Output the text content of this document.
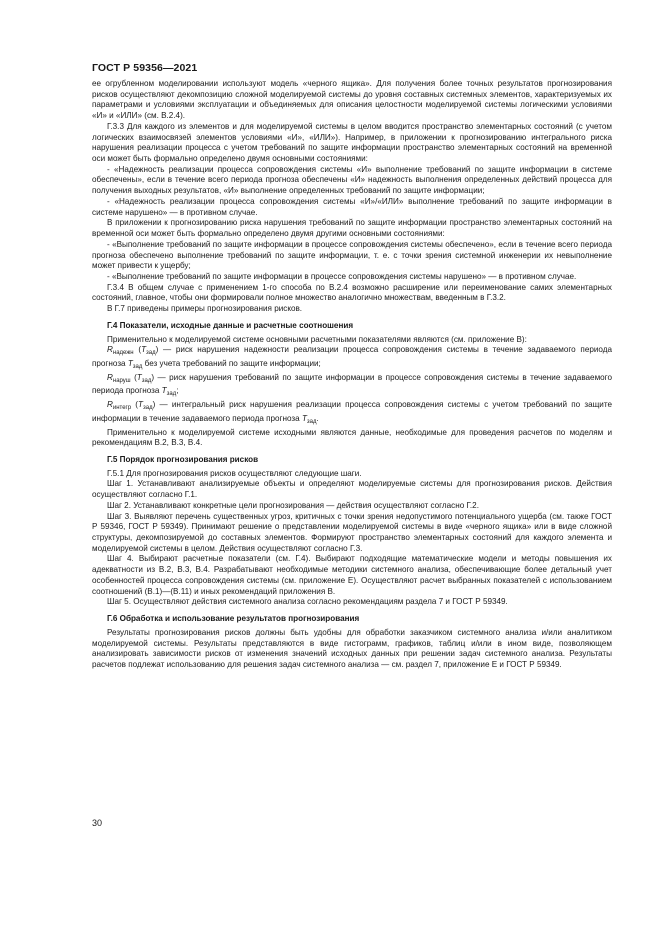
ГОСТ Р 59356—2021

ее огрубленном моделировании используют модель «черного ящика». Для получения более точных результатов прогнозирования рисков осуществляют декомпозицию сложной моделируемой системы до уровня составных системных элементов, характеризуемых их параметрами и условиями эксплуатации и объединяемых для описания целостности моделируемой системы логическими условиями «И» и «ИЛИ» (см. В.2.4).

Г.3.3 Для каждого из элементов и для моделируемой системы в целом вводится пространство элементарных состояний (с учетом логических взаимосвязей элементов условиями «И», «ИЛИ»). Например, в приложении к прогнозированию интегрального риска нарушения реализации процесса с учетом требований по защите информации пространство элементарных состояний на временной оси может быть формально определено двумя основными состояниями:

- «Надежность реализации процесса сопровождения системы «И» выполнение требований по защите информации в системе обеспечены», если в течение всего периода прогноза обеспечены «И» надежность выполнения определенных действий процесса для получения выходных результатов, «И» выполнение определенных требований по защите информации;

- «Надежность реализации процесса сопровождения системы «И»/«ИЛИ» выполнение требований по защите информации в системе нарушено» — в противном случае.

В приложении к прогнозированию риска нарушения требований по защите информации пространство элементарных состояний на временной оси может быть формально определено двумя другими основными состояниями:

- «Выполнение требований по защите информации в процессе сопровождения системы обеспечено», если в течение всего периода прогноза обеспечено выполнение требований по защите информации, т. е. с точки зрения системной инженерии их невыполнение может привести к ущербу;

- «Выполнение требований по защите информации в процессе сопровождения системы нарушено» — в противном случае.

Г.3.4 В общем случае с применением 1-го способа по В.2.4 возможно расширение или переименование самих элементарных состояний, главное, чтобы они формировали полное множество аналогично множествам, введенным в Г.3.2.

В Г.7 приведены примеры прогнозирования рисков.

Г.4 Показатели, исходные данные и расчетные соотношения

Применительно к моделируемой системе основными расчетными показателями являются (см. приложение В):

$R_{надежн}$ $(T_{зад})$ — риск нарушения надежности реализации процесса сопровождения системы в течение задаваемого периода прогноза $T_{зад}$ без учета требований по защите информации;

$R_{наруш}$ $(T_{зад})$ — риск нарушения требований по защите информации в процессе сопровождения системы в течение задаваемого периода прогноза $T_{зад}$;

$R_{интегр}$ $(T_{зад})$ — интегральный риск нарушения реализации процесса сопровождения системы с учетом требований по защите информации в течение задаваемого периода прогноза $T_{зад}$.

Применительно к моделируемой системе исходными являются данные, необходимые для проведения расчетов по моделям и рекомендациям В.2, В.3, В.4.

Г.5 Порядок прогнозирования рисков

Г.5.1 Для прогнозирования рисков осуществляют следующие шаги.

Шаг 1. Устанавливают анализируемые объекты и определяют моделируемые системы для прогнозирования рисков. Действия осуществляют согласно Г.1.

Шаг 2. Устанавливают конкретные цели прогнозирования — действия осуществляют согласно Г.2.

Шаг 3. Выявляют перечень существенных угроз, критичных с точки зрения недопустимого потенциального ущерба (см. также ГОСТ Р 59346, ГОСТ Р 59349). Принимают решение о представлении моделируемой системы в виде «черного ящика» или в виде сложной структуры, декомпозируемой до составных элементов. Формируют пространство элементарных состояний для каждого элемента и моделируемой системы в целом. Действия осуществляют согласно Г.3.

Шаг 4. Выбирают расчетные показатели (см. Г.4). Выбирают подходящие математические модели и методы повышения их адекватности из В.2, В.3, В.4. Разрабатывают необходимые методики системного анализа, обеспечивающие более детальный учет особенностей процесса сопровождения системы (см. приложение Е). Осуществляют расчет выбранных показателей с использованием соотношений (В.1)—(В.11) и иных рекомендаций приложения В.

Шаг 5. Осуществляют действия системного анализа согласно рекомендациям раздела 7 и ГОСТ Р 59349.

Г.6 Обработка и использование результатов прогнозирования

Результаты прогнозирования рисков должны быть удобны для обработки заказчиком системного анализа и/или аналитиком моделируемой системы. Результаты представляются в виде гистограмм, графиков, таблиц и/или в ином виде, позволяющем анализировать зависимости рисков от изменения значений исходных данных при решении задач системного анализа. Результаты расчетов подлежат использованию для решения задач системного анализа — см. раздел 7, приложение Е и ГОСТ Р 59349.

30
